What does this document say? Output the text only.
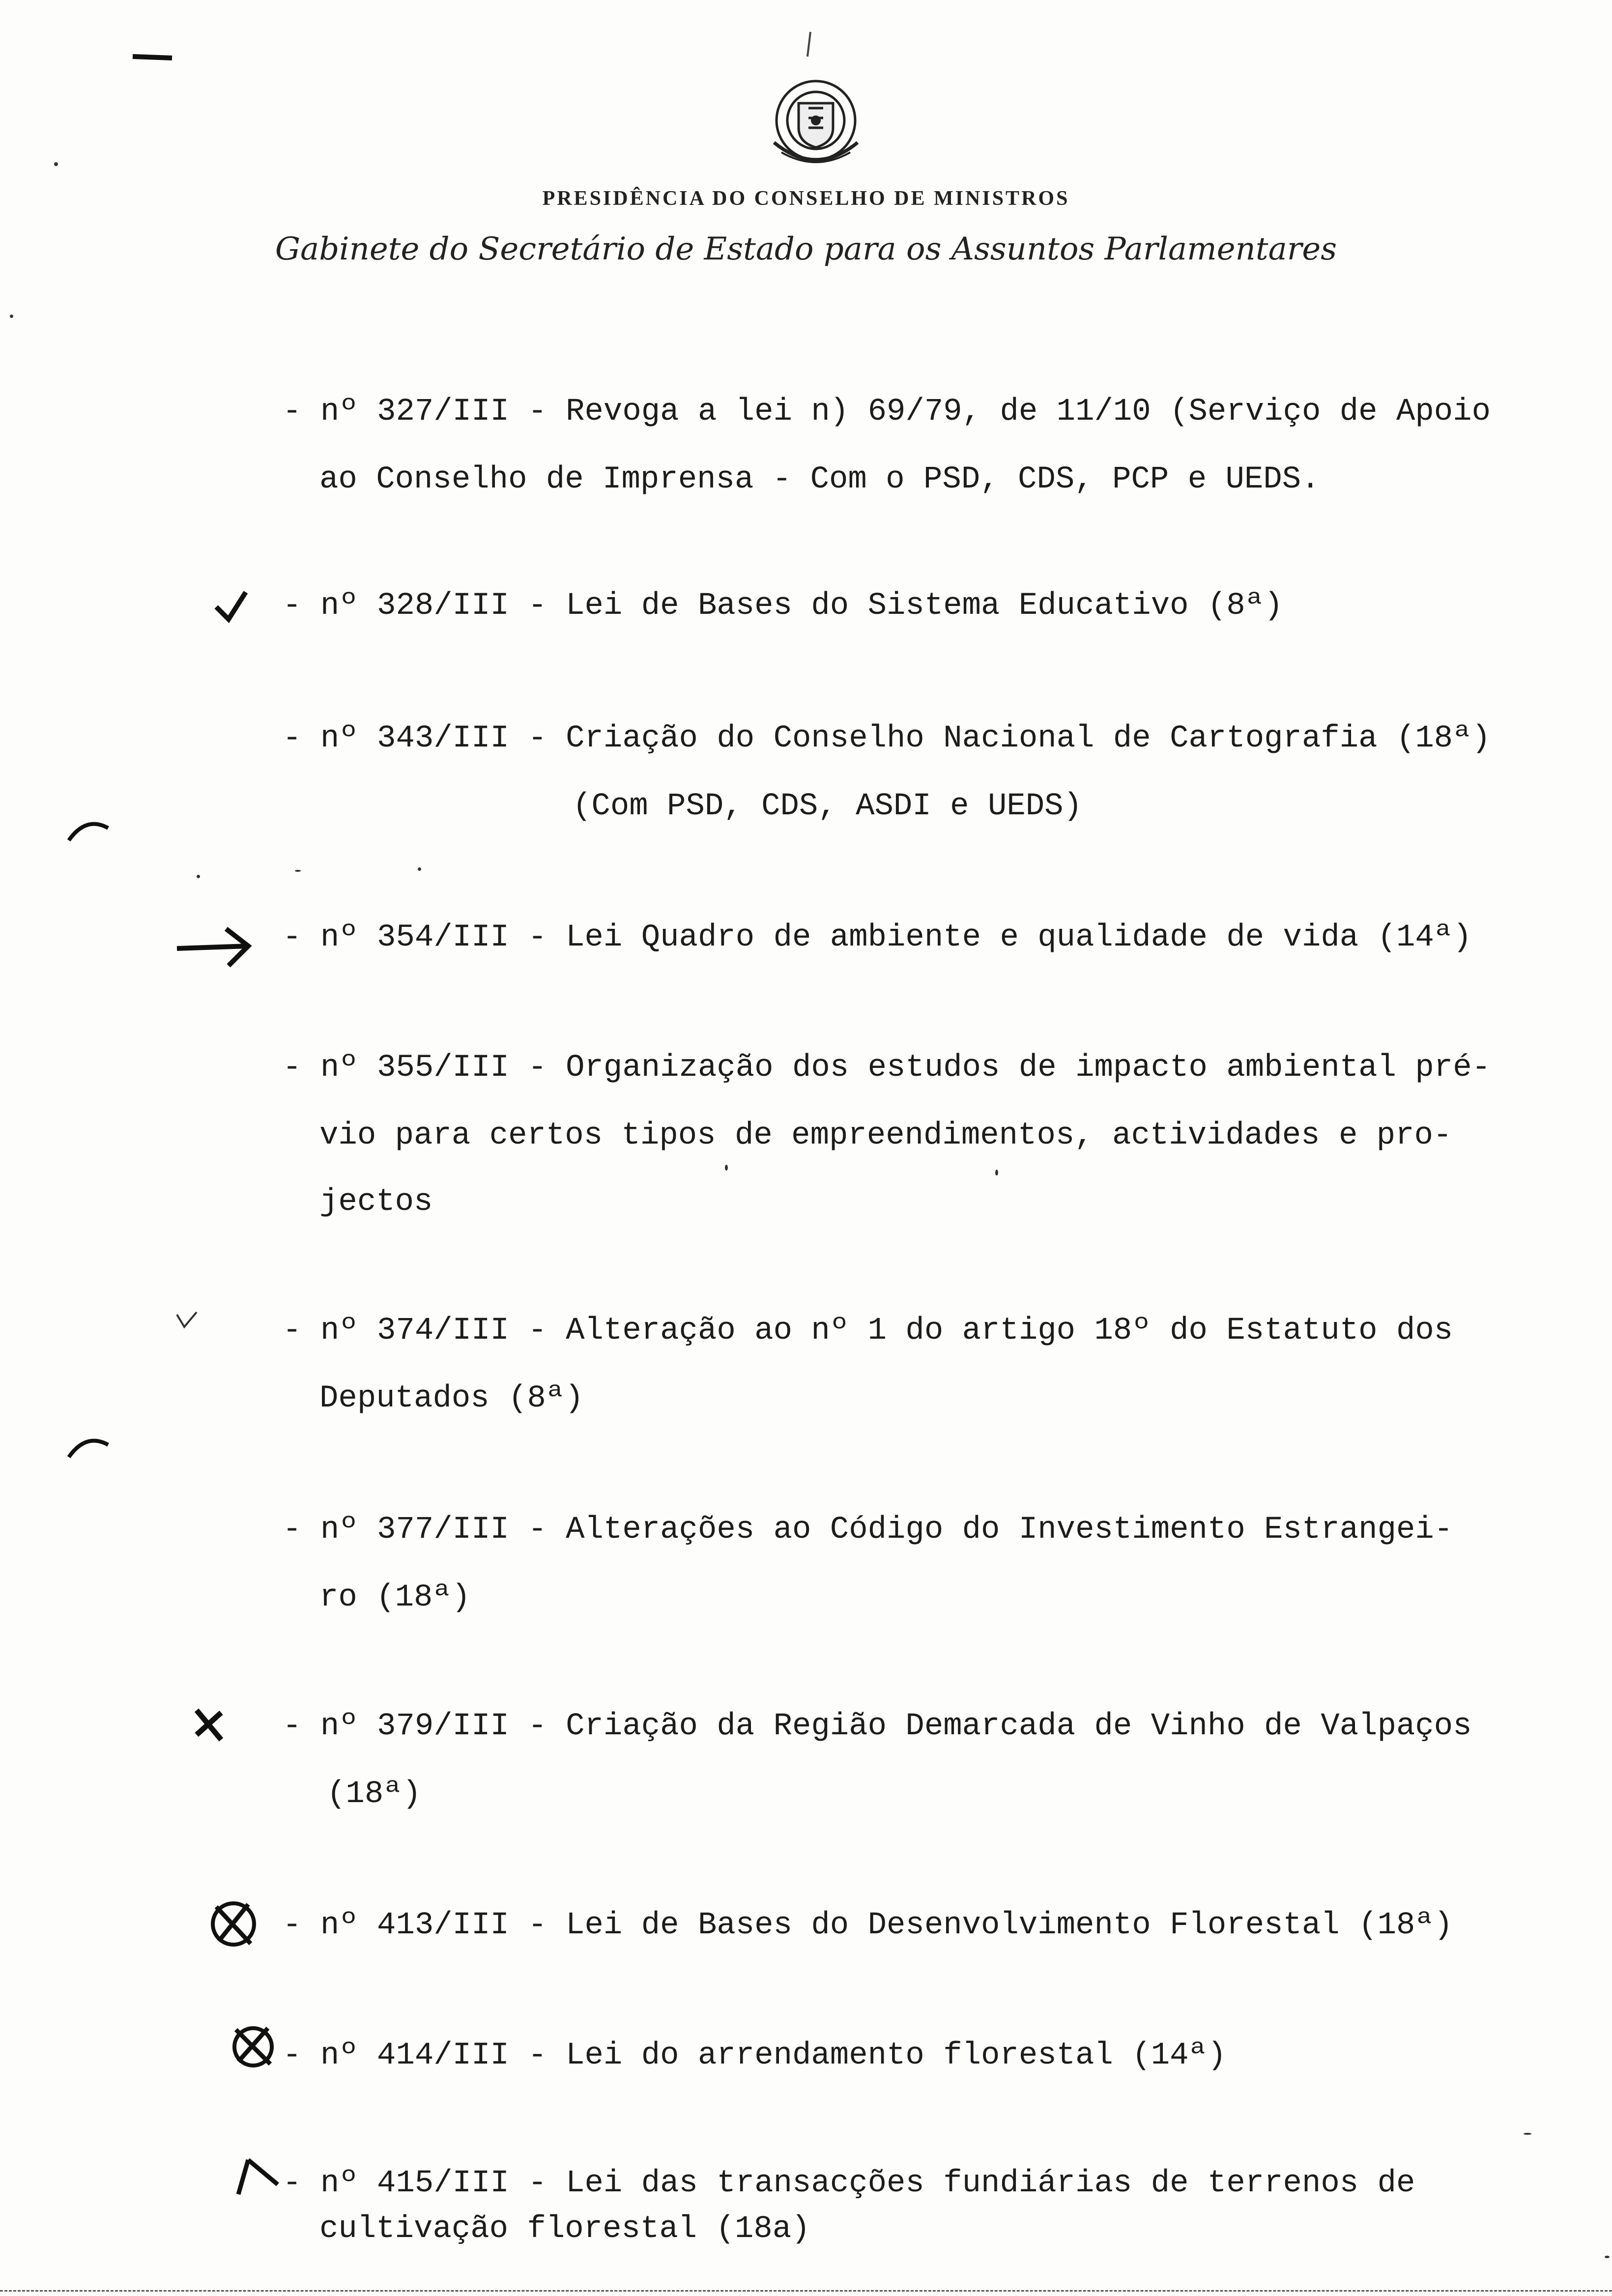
PRESIDÊNCIA DO CONSELHO DE MINISTROS
Gabinete do Secretário de Estado para os Assuntos Parlamentares
- nº 327/III - Revoga a lei n) 69/79, de 11/10 (Serviço de Apoio
ao Conselho de Imprensa - Com o PSD, CDS, PCP e UEDS.
- nº 328/III - Lei de Bases do Sistema Educativo (8ª)
- nº 343/III - Criação do Conselho Nacional de Cartografia (18ª)
(Com PSD, CDS, ASDI e UEDS)
- nº 354/III - Lei Quadro de ambiente e qualidade de vida (14ª)
- nº 355/III - Organização dos estudos de impacto ambiental pré-
vio para certos tipos de empreendimentos, actividades e pro-
jectos
- nº 374/III - Alteração ao nº 1 do artigo 18º do Estatuto dos
Deputados (8ª)
- nº 377/III - Alterações ao Código do Investimento Estrangei-
ro (18ª)
- nº 379/III - Criação da Região Demarcada de Vinho de Valpaços
(18ª)
- nº 413/III - Lei de Bases do Desenvolvimento Florestal (18ª)
- nº 414/III - Lei do arrendamento florestal (14ª)
- nº 415/III - Lei das transacções fundiárias de terrenos de
cultivação florestal (18a)
